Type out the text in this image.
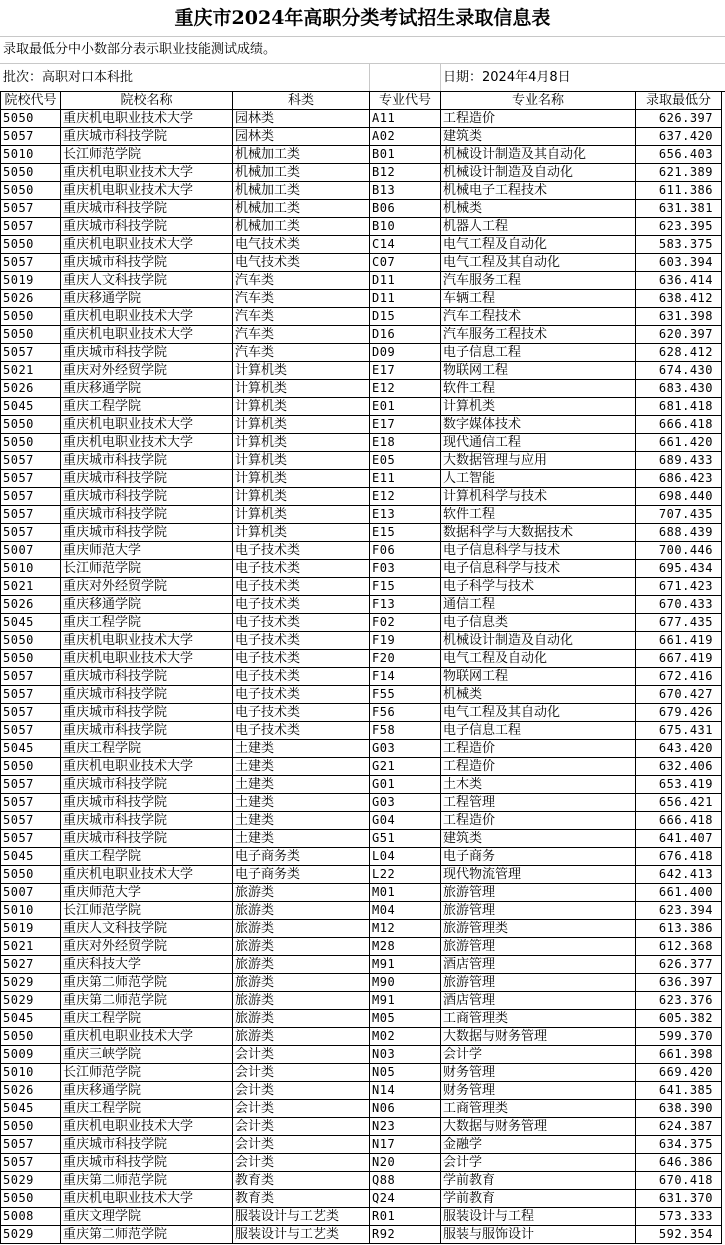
重庆市2024年高职分类考试招生录取信息表
录取最低分中小数部分表示职业技能测试成绩。
批次：高职对口本科批	日期：2024年4月8日
院校代号	院校名称	科类	专业代号	专业名称	录取最低分
5050	重庆机电职业技术大学	园林类	A11	工程造价	626.397
5057	重庆城市科技学院	园林类	A02	建筑类	637.420
5010	长江师范学院	机械加工类	B01	机械设计制造及其自动化	656.403
5050	重庆机电职业技术大学	机械加工类	B12	机械设计制造及自动化	621.389
5050	重庆机电职业技术大学	机械加工类	B13	机械电子工程技术	611.386
5057	重庆城市科技学院	机械加工类	B06	机械类	631.381
5057	重庆城市科技学院	机械加工类	B10	机器人工程	623.395
5050	重庆机电职业技术大学	电气技术类	C14	电气工程及自动化	583.375
5057	重庆城市科技学院	电气技术类	C07	电气工程及其自动化	603.394
5019	重庆人文科技学院	汽车类	D11	汽车服务工程	636.414
5026	重庆移通学院	汽车类	D11	车辆工程	638.412
5050	重庆机电职业技术大学	汽车类	D15	汽车工程技术	631.398
5050	重庆机电职业技术大学	汽车类	D16	汽车服务工程技术	620.397
5057	重庆城市科技学院	汽车类	D09	电子信息工程	628.412
5021	重庆对外经贸学院	计算机类	E17	物联网工程	674.430
5026	重庆移通学院	计算机类	E12	软件工程	683.430
5045	重庆工程学院	计算机类	E01	计算机类	681.418
5050	重庆机电职业技术大学	计算机类	E17	数字媒体技术	666.418
5050	重庆机电职业技术大学	计算机类	E18	现代通信工程	661.420
5057	重庆城市科技学院	计算机类	E05	大数据管理与应用	689.433
5057	重庆城市科技学院	计算机类	E11	人工智能	686.423
5057	重庆城市科技学院	计算机类	E12	计算机科学与技术	698.440
5057	重庆城市科技学院	计算机类	E13	软件工程	707.435
5057	重庆城市科技学院	计算机类	E15	数据科学与大数据技术	688.439
5007	重庆师范大学	电子技术类	F06	电子信息科学与技术	700.446
5010	长江师范学院	电子技术类	F03	电子信息科学与技术	695.434
5021	重庆对外经贸学院	电子技术类	F15	电子科学与技术	671.423
5026	重庆移通学院	电子技术类	F13	通信工程	670.433
5045	重庆工程学院	电子技术类	F02	电子信息类	677.435
5050	重庆机电职业技术大学	电子技术类	F19	机械设计制造及自动化	661.419
5050	重庆机电职业技术大学	电子技术类	F20	电气工程及自动化	667.419
5057	重庆城市科技学院	电子技术类	F14	物联网工程	672.416
5057	重庆城市科技学院	电子技术类	F55	机械类	670.427
5057	重庆城市科技学院	电子技术类	F56	电气工程及其自动化	679.426
5057	重庆城市科技学院	电子技术类	F58	电子信息工程	675.431
5045	重庆工程学院	土建类	G03	工程造价	643.420
5050	重庆机电职业技术大学	土建类	G21	工程造价	632.406
5057	重庆城市科技学院	土建类	G01	土木类	653.419
5057	重庆城市科技学院	土建类	G03	工程管理	656.421
5057	重庆城市科技学院	土建类	G04	工程造价	666.418
5057	重庆城市科技学院	土建类	G51	建筑类	641.407
5045	重庆工程学院	电子商务类	L04	电子商务	676.418
5050	重庆机电职业技术大学	电子商务类	L22	现代物流管理	642.413
5007	重庆师范大学	旅游类	M01	旅游管理	661.400
5010	长江师范学院	旅游类	M04	旅游管理	623.394
5019	重庆人文科技学院	旅游类	M12	旅游管理类	613.386
5021	重庆对外经贸学院	旅游类	M28	旅游管理	612.368
5027	重庆科技大学	旅游类	M91	酒店管理	626.377
5029	重庆第二师范学院	旅游类	M90	旅游管理	636.397
5029	重庆第二师范学院	旅游类	M91	酒店管理	623.376
5045	重庆工程学院	旅游类	M05	工商管理类	605.382
5050	重庆机电职业技术大学	旅游类	M02	大数据与财务管理	599.370
5009	重庆三峡学院	会计类	N03	会计学	661.398
5010	长江师范学院	会计类	N05	财务管理	669.420
5026	重庆移通学院	会计类	N14	财务管理	641.385
5045	重庆工程学院	会计类	N06	工商管理类	638.390
5050	重庆机电职业技术大学	会计类	N23	大数据与财务管理	624.387
5057	重庆城市科技学院	会计类	N17	金融学	634.375
5057	重庆城市科技学院	会计类	N20	会计学	646.386
5029	重庆第二师范学院	教育类	Q88	学前教育	670.418
5050	重庆机电职业技术大学	教育类	Q24	学前教育	631.370
5008	重庆文理学院	服装设计与工艺类	R01	服装设计与工程	573.333
5029	重庆第二师范学院	服装设计与工艺类	R92	服装与服饰设计	592.354
